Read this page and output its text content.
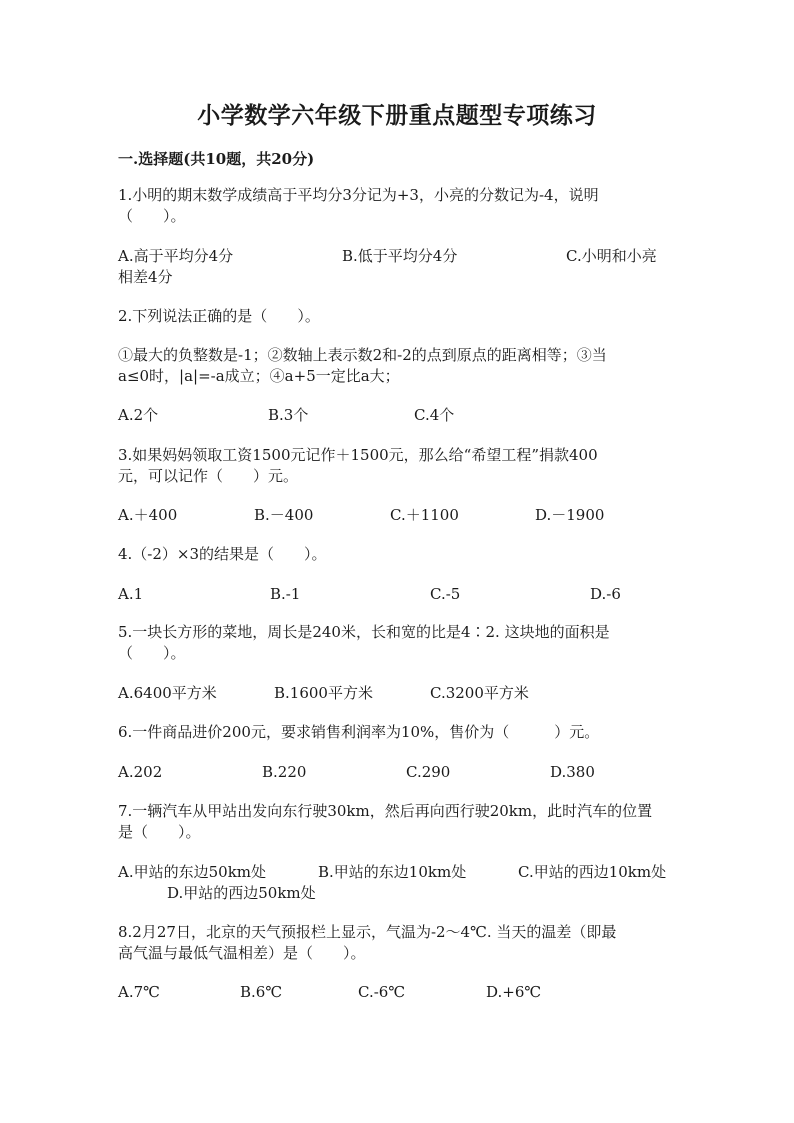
小学数学六年级下册重点题型专项练习

一.选择题(共10题，共20分)

1.小明的期末数学成绩高于平均分3分记为+3，小亮的分数记为-4，说明
（　　）。
A.高于平均分4分	B.低于平均分4分	C.小明和小亮
相差4分
2.下列说法正确的是（　　）。
①最大的负整数是-1；②数轴上表示数2和-2的点到原点的距离相等；③当
a≤0时，|a|=-a成立；④a+5一定比a大；
A.2个	B.3个	C.4个
3.如果妈妈领取工资1500元记作＋1500元，那么给“希望工程”捐款400
元，可以记作（　　）元。
A.＋400	B.－400	C.＋1100	D.－1900
4.（-2）×3的结果是（　　）。
A.1	B.-1	C.-5	D.-6
5.一块长方形的菜地，周长是240米，长和宽的比是4∶2. 这块地的面积是
（　　）。
A.6400平方米	B.1600平方米	C.3200平方米
6.一件商品进价200元，要求销售利润率为10%，售价为（　　　）元。
A.202	B.220	C.290	D.380
7.一辆汽车从甲站出发向东行驶30km，然后再向西行驶20km，此时汽车的位置
是（　　）。
A.甲站的东边50km处	B.甲站的东边10km处	C.甲站的西边10km处
D.甲站的西边50km处
8.2月27日，北京的天气预报栏上显示，气温为-2～4℃. 当天的温差（即最
高气温与最低气温相差）是（　　）。
A.7℃	B.6℃	C.-6℃	D.+6℃
